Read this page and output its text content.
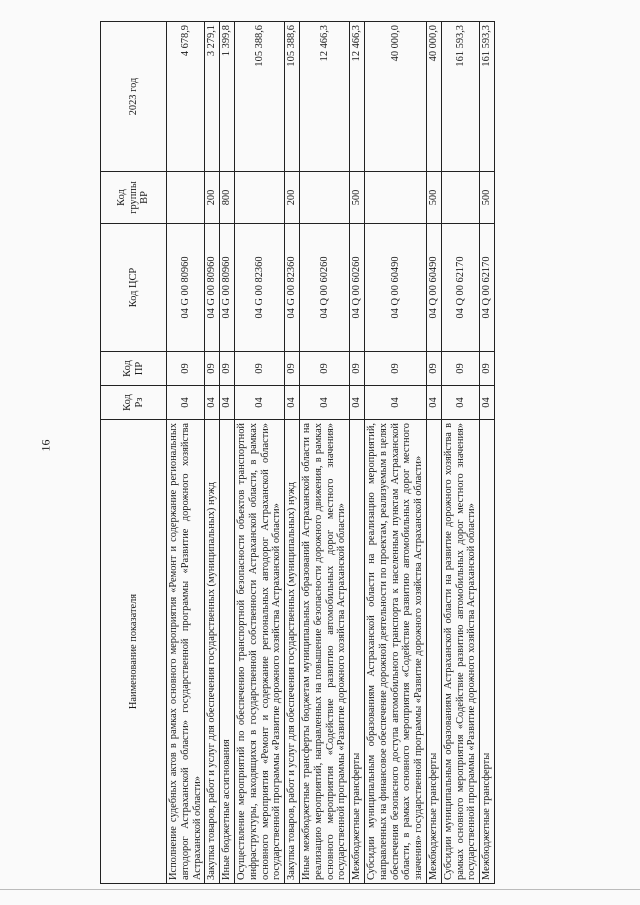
16
Наименование показателя	Код Рз	Код ПР	Код ЦСР	Код группы ВР	2023 год
Исполнение судебных актов в рамках основного мероприятия «Ремонт и содержание региональных автодорог Астраханской области» государственной программы «Развитие дорожного хозяйства Астраханской области»	04	09	04 G 00 80960		4 678,9
Закупка товаров, работ и услуг для обеспечения государственных (муниципальных) нужд	04	09	04 G 00 80960	200	3 279,1
Иные бюджетные ассигнования	04	09	04 G 00 80960	800	1 399,8
Осуществление мероприятий по обеспечению транспортной безопасности объектов транспортной инфраструктуры, находящихся в государственной собственности Астраханской области, в рамках основного мероприятия «Ремонт и содержание региональных автодорог Астраханской области» государственной программы «Развитие дорожного хозяйства Астраханской области»	04	09	04 G 00 82360		105 388,6
Закупка товаров, работ и услуг для обеспечения государственных (муниципальных) нужд	04	09	04 G 00 82360	200	105 388,6
Иные межбюджетные трансферты бюджетам муниципальных образований Астраханской области на реализацию мероприятий, направленных на повышение безопасности дорожного движения, в рамках основного мероприятия «Содействие развитию автомобильных дорог местного значения» государственной программы «Развитие дорожного хозяйства Астраханской области»	04	09	04 Q 00 60260		12 466,3
Межбюджетные трансферты	04	09	04 Q 00 60260	500	12 466,3
Субсидии муниципальным образованиям Астраханской области на реализацию мероприятий, направленных на финансовое обеспечение дорожной деятельности по проектам, реализуемым в целях обеспечения безопасного доступа автомобильного транспорта к населенным пунктам Астраханской области, в рамках основного мероприятия «Содействие развитию автомобильных дорог местного значения» государственной программы «Развитие дорожного хозяйства Астраханской области»	04	09	04 Q 00 60490		40 000,0
Межбюджетные трансферты	04	09	04 Q 00 60490	500	40 000,0
Субсидии муниципальным образованиям Астраханской области на развитие дорожного хозяйства в рамках основного мероприятия «Содействие развитию автомобильных дорог местного значения» государственной программы «Развитие дорожного хозяйства Астраханской области»	04	09	04 Q 00 62170		161 593,3
Межбюджетные трансферты	04	09	04 Q 00 62170	500	161 593,3
